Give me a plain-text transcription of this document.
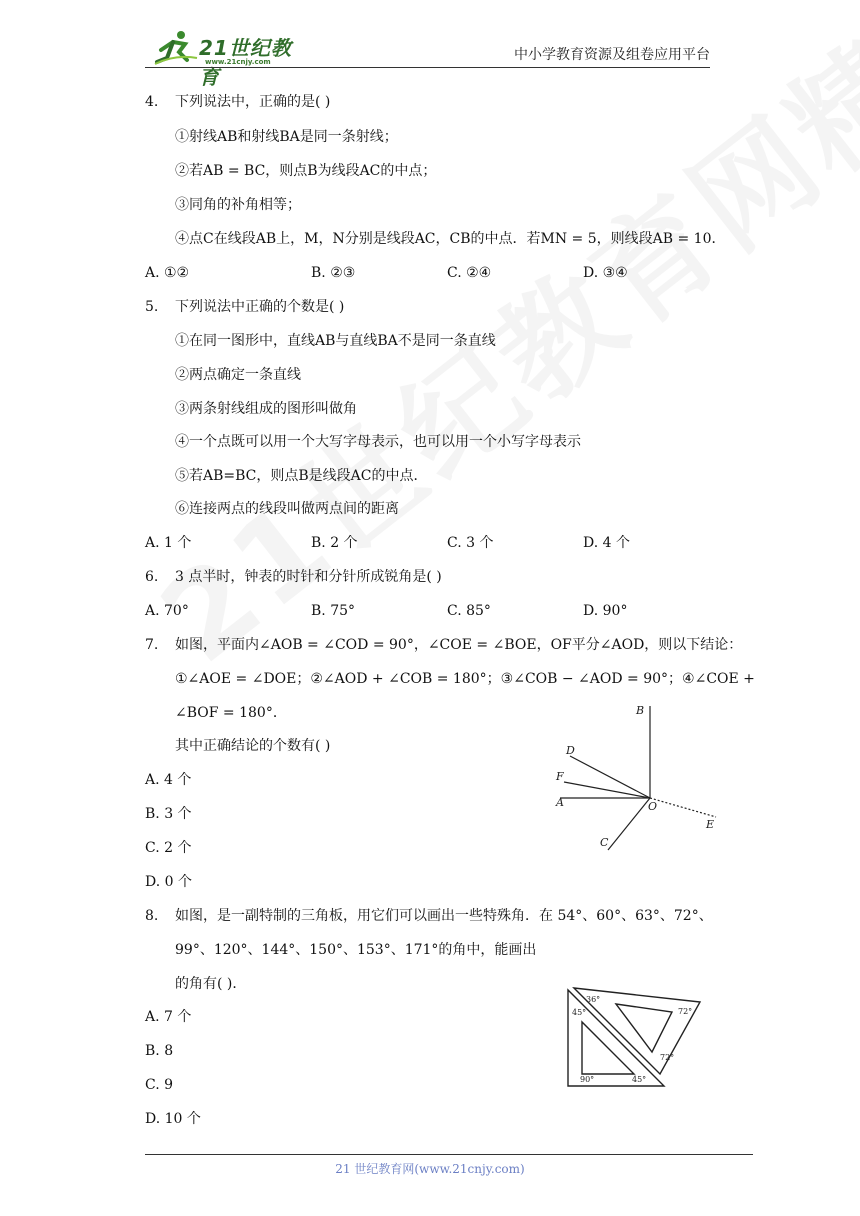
21世纪教育
www.21cnjy.com	中小学教育资源及组卷应用平台
4. 下列说法中，正确的是( )
①射线AB和射线BA是同一条射线；
②若AB = BC，则点B为线段AC的中点；
③同角的补角相等；
④点C在线段AB上，M，N分别是线段AC，CB的中点．若MN = 5，则线段AB = 10．
A. ①②	B. ②③	C. ②④	D. ③④
5. 下列说法中正确的个数是( )
①在同一图形中，直线AB与直线BA不是同一条直线
②两点确定一条直线
③两条射线组成的图形叫做角
④一个点既可以用一个大写字母表示，也可以用一个小写字母表示
⑤若AB=BC，则点B是线段AC的中点．
⑥连接两点的线段叫做两点间的距离
A. 1 个	B. 2 个	C. 3 个	D. 4 个
6. 3 点半时，钟表的时针和分针所成锐角是( )
A. 70°	B. 75°	C. 85°	D. 90°
7. 如图，平面内∠AOB = ∠COD = 90°，∠COE = ∠BOE，OF平分∠AOD，则以下结论：
①∠AOE = ∠DOE；②∠AOD + ∠COB = 180°；③∠COB − ∠AOD = 90°；④∠COE +
∠BOF = 180°．
其中正确结论的个数有( )
A. 4 个
B. 3 个
C. 2 个
D. 0 个
B
D
F
A	O
E
C
8. 如图，是一副特制的三角板，用它们可以画出一些特殊角．在 54°、60°、63°、72°、
99°、120°、144°、150°、153°、171°的角中，能画出
的角有( )．
A. 7 个
B. 8
C. 9
D. 10 个
36°
45°	72°
72°
90°	45°
21 世纪教育网(www.21cnjy.com)
